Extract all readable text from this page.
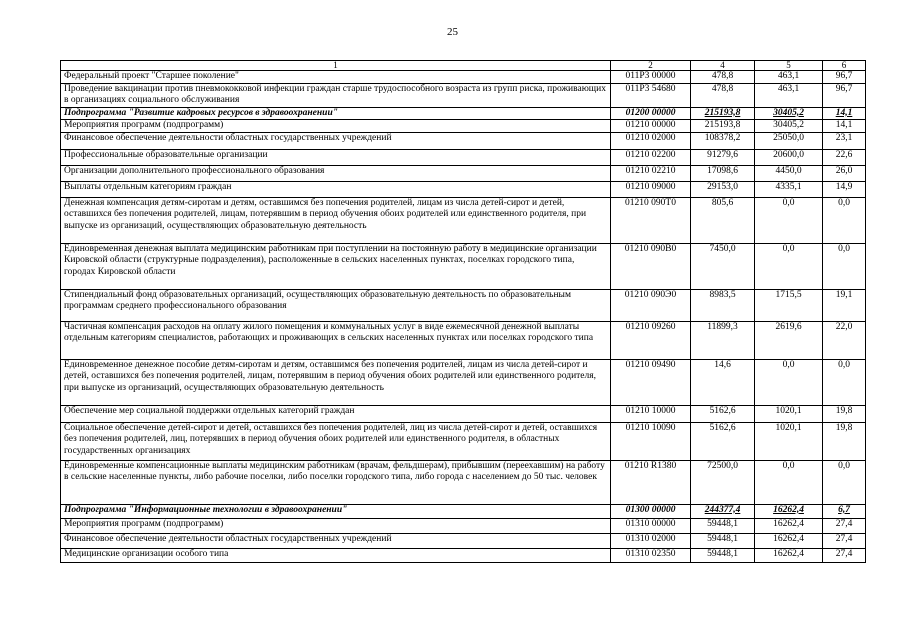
25
1	2	4	5	6
Федеральный проект "Старшее поколение"	011P3 00000	478,8	463,1	96,7
Проведение вакцинации против пневмококковой инфекции граждан старше трудоспособного возраста из групп риска, проживающих в организациях социального обслуживания	011P3 54680	478,8	463,1	96,7
Подпрограмма "Развитие кадровых ресурсов в здравоохранении"	01200 00000	215193,8	30405,2	14,1
Мероприятия программ (подпрограмм)	01210 00000	215193,8	30405,2	14,1
Финансовое обеспечение деятельности областных государственных учреждений	01210 02000	108378,2	25050,0	23,1
Профессиональные образовательные организации	01210 02200	91279,6	20600,0	22,6
Организации дополнительного профессионального образования	01210 02210	17098,6	4450,0	26,0
Выплаты отдельным категориям граждан	01210 09000	29153,0	4335,1	14,9
Денежная компенсация детям-сиротам и детям, оставшимся без попечения родителей, лицам из числа детей-сирот и детей, оставшихся без попечения родителей, лицам, потерявшим в период обучения обоих родителей или единственного родителя, при выпуске из организаций, осуществляющих образовательную деятельность	01210 090Т0	805,6	0,0	0,0
Единовременная денежная выплата медицинским работникам при поступлении на постоянную работу в медицинские организации Кировской области (структурные подразделения), расположенные в сельских населенных пунктах, поселках городского типа, городах Кировской области	01210 090В0	7450,0	0,0	0,0
Стипендиальный фонд образовательных организаций, осуществляющих образовательную деятельность по образовательным программам среднего профессионального образования	01210 090Э0	8983,5	1715,5	19,1
Частичная компенсация расходов на оплату жилого помещения и коммунальных услуг в виде ежемесячной денежной выплаты отдельным категориям специалистов, работающих и проживающих в сельских населенных пунктах или поселках городского типа	01210 09260	11899,3	2619,6	22,0
Единовременное денежное пособие детям-сиротам и детям, оставшимся без попечения родителей, лицам из числа детей-сирот и детей, оставшихся без попечения родителей, лицам, потерявшим в период обучения обоих родителей или единственного родителя, при выпуске из организаций, осуществляющих образовательную деятельность	01210 09490	14,6	0,0	0,0
Обеспечение мер социальной поддержки отдельных категорий граждан	01210 10000	5162,6	1020,1	19,8
Социальное обеспечение детей-сирот и детей, оставшихся без попечения родителей, лиц из числа детей-сирот и детей, оставшихся без попечения родителей, лиц, потерявших в период обучения обоих родителей или единственного родителя, в областных государственных организациях	01210 10090	5162,6	1020,1	19,8
Единовременные компенсационные выплаты медицинским работникам (врачам, фельдшерам), прибывшим (переехавшим) на работу в сельские населенные пункты, либо рабочие поселки, либо поселки городского типа, либо города с населением до 50 тыс. человек	01210 R1380	72500,0	0,0	0,0
Подпрограмма "Информационные технологии в здравоохранении"	01300 00000	244377,4	16262,4	6,7
Мероприятия программ (подпрограмм)	01310 00000	59448,1	16262,4	27,4
Финансовое обеспечение деятельности областных государственных учреждений	01310 02000	59448,1	16262,4	27,4
Медицинские организации особого типа	01310 02350	59448,1	16262,4	27,4
